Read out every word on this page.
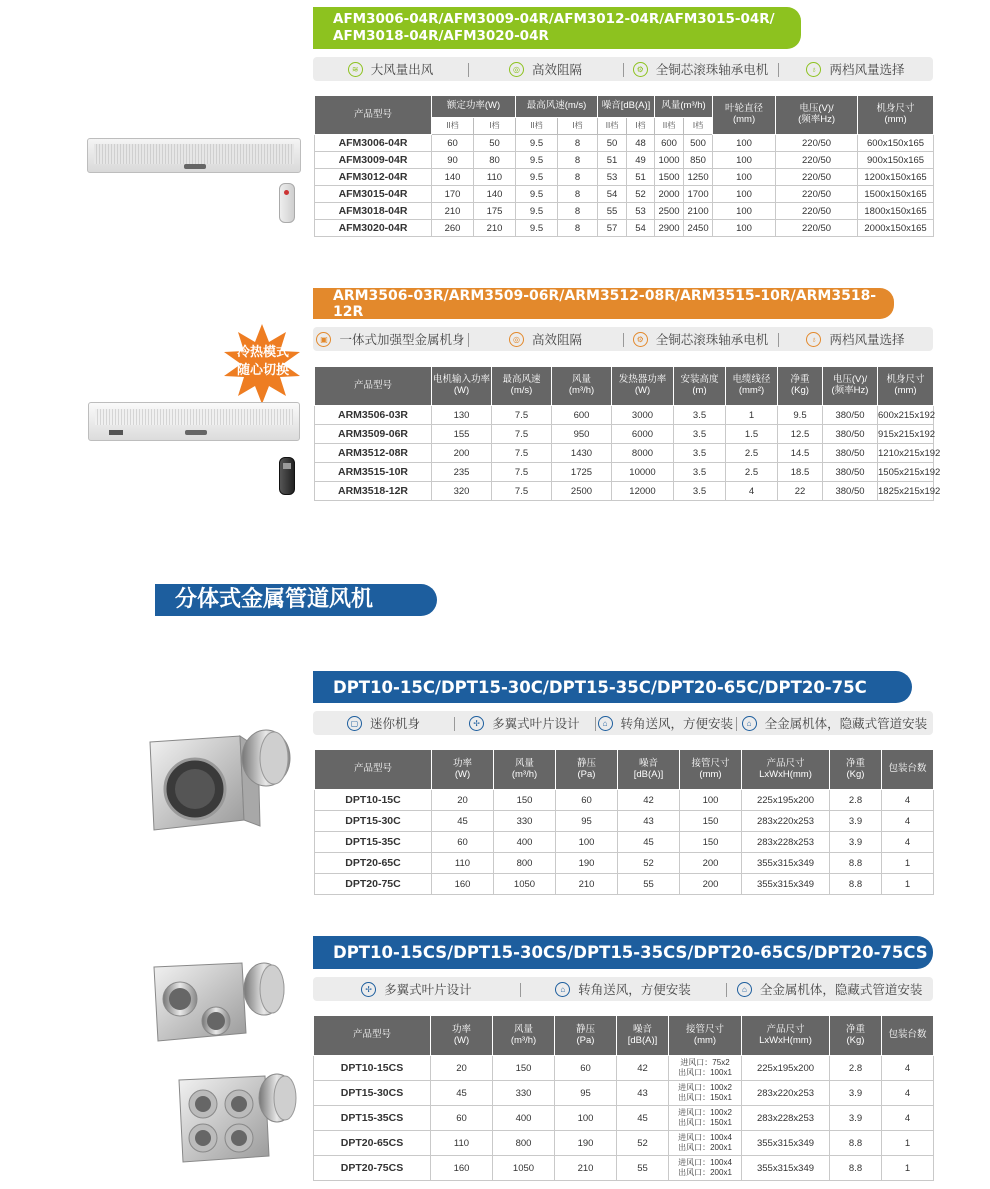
AFM3006-04R/AFM3009-04R/AFM3012-04R/AFM3015-04R/
AFM3018-04R/AFM3020-04R
≋ 大风量出风	◎ 高效阻隔	⚙ 全铜芯滚珠轴承电机	♁	两档风量选择
产品型号	额定功率(W)		最高风速(m/s)		噪音[dB(A)]		风量(m³/h)		叶轮直径
(mm)	电压(V)/
(频率Hz)	机身尺寸
(mm)
	II档	I档	II档	I档	II档	I档	II档	I档			
AFM3006-04R	60	50	9.5	8	50	48	600	500	100	220/50	600x150x165
AFM3009-04R	90	80	9.5	8	51	49	1000	850	100	220/50	900x150x165
AFM3012-04R	140	110	9.5	8	53	51	1500	1250	100	220/50	1200x150x165
AFM3015-04R	170	140	9.5	8	54	52	2000	1700	100	220/50	1500x150x165
AFM3018-04R	210	175	9.5	8	55	53	2500	2100	100	220/50	1800x150x165
AFM3020-04R	260	210	9.5	8	57	54	2900	2450	100	220/50	2000x150x165
ARM3506-03R/ARM3509-06R/ARM3512-08R/ARM3515-10R/ARM3518-12R
冷热模式
随心切换
▣ 一体式加强型金属机身	◎ 高效阻隔	⚙ 全铜芯滚珠轴承电机	♁	两档风量选择
产品型号	电机输入功率
(W)	最高风速
(m/s)	风量
(m³/h)	发热器功率
(W)	安装高度
(m)	电缆线径
(mm²)	净重
(Kg)	电压(V)/
(频率Hz)	机身尺寸
(mm)
ARM3506-03R	130	7.5	600	3000	3.5	1	9.5	380/50	600x215x192
ARM3509-06R	155	7.5	950	6000	3.5	1.5	12.5	380/50	915x215x192
ARM3512-08R	200	7.5	1430	8000	3.5	2.5	14.5	380/50	1210x215x192
ARM3515-10R	235	7.5	1725	10000	3.5	2.5	18.5	380/50	1505x215x192
ARM3518-12R	320	7.5	2500	12000	3.5	4	22	380/50	1825x215x192
分体式金属管道风机
DPT10-15C/DPT15-30C/DPT15-35C/DPT20-65C/DPT20-75C
▢ 迷你机身	✢ 多翼式叶片设计	⌂	转角送风，方便安装	⌂	全金属机体，隐藏式管道安装
产品型号	功率
(W)	风量
(m³/h)	静压
(Pa)	噪音
[dB(A)]	接管尺寸
(mm)	产品尺寸
LxWxH(mm)	净重
(Kg)	包装台数
DPT10-15C	20	150	60	42	100	225x195x200	2.8	4
DPT15-30C	45	330	95	43	150	283x220x253	3.9	4
DPT15-35C	60	400	100	45	150	283x228x253	3.9	4
DPT20-65C	110	800	190	52	200	355x315x349	8.8	1
DPT20-75C	160	1050	210	55	200	355x315x349	8.8	1
DPT10-15CS/DPT15-30CS/DPT15-35CS/DPT20-65CS/DPT20-75CS
✢ 多翼式叶片设计	⌂	转角送风，方便安装	⌂	全金属机体，隐藏式管道安装
产品型号	功率
(W)	风量
(m³/h)	静压
(Pa)	噪音
[dB(A)]	接管尺寸
(mm)	产品尺寸
LxWxH(mm)	净重
(Kg)	包装台数
DPT10-15CS	20	150	60	42	进风口：75x2
出风口：100x1	225x195x200	2.8	4
DPT15-30CS	45	330	95	43	进风口：100x2
出风口：150x1	283x220x253	3.9	4
DPT15-35CS	60	400	100	45	进风口：100x2
出风口：150x1	283x228x253	3.9	4
DPT20-65CS	110	800	190	52	进风口：100x4
出风口：200x1	355x315x349	8.8	1
DPT20-75CS	160	1050	210	55	进风口：100x4
出风口：200x1	355x315x349	8.8	1
